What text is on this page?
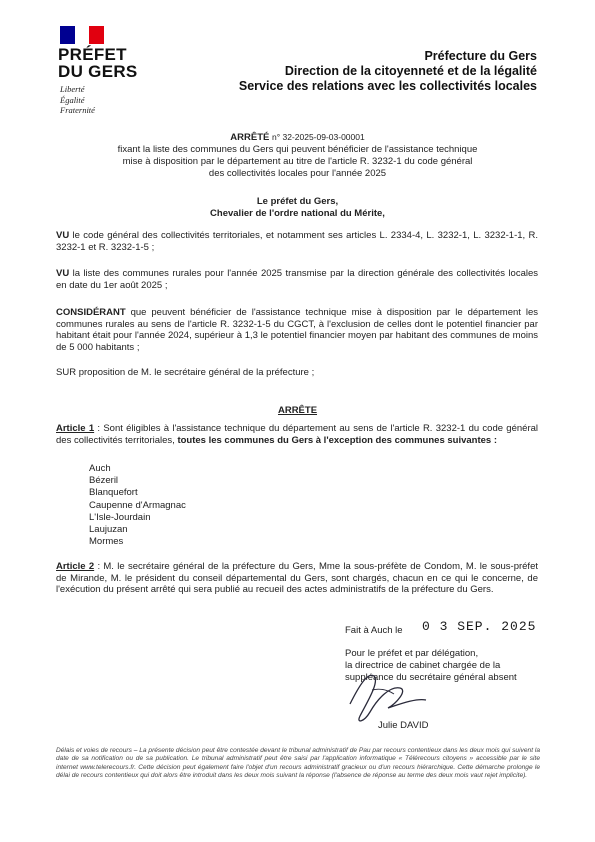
PRÉFET
DU GERS
Liberté
Égalité
Fraternité
Préfecture du Gers
Direction de la citoyenneté et de la légalité
Service des relations avec les collectivités locales
ARRÊTÉ n° 32-2025-09-03-00001
fixant la liste des communes du Gers qui peuvent bénéficier de l'assistance technique
mise à disposition par le département au titre de l'article R. 3232-1 du code général
des collectivités locales pour l'année 2025
Le préfet du Gers,
Chevalier de l'ordre national du Mérite,
VU le code général des collectivités territoriales, et notamment ses articles L. 2334-4, L. 3232-1, L. 3232-1-1, R. 3232-1 et R. 3232-1-5 ;
VU la liste des communes rurales pour l'année 2025 transmise par la direction générale des collectivités locales en date du 1er août 2025 ;
CONSIDÉRANT que peuvent bénéficier de l'assistance technique mise à disposition par le département les communes rurales au sens de l'article R. 3232-1-5 du CGCT, à l'exclusion de celles dont le potentiel financier par habitant était pour l'année 2024, supérieur à 1,3 le potentiel financier moyen par habitant des communes de moins de 5 000 habitants ;
SUR proposition de M. le secrétaire général de la préfecture ;
ARRÊTE
Article 1 : Sont éligibles à l'assistance technique du département au sens de l'article R. 3232-1 du code général des collectivités territoriales, toutes les communes du Gers à l'exception des communes suivantes :
Auch
Bézeril
Blanquefort
Caupenne d'Armagnac
L'Isle-Jourdain
Laujuzan
Mormes
Article 2 : M. le secrétaire général de la préfecture du Gers, Mme la sous-préfète de Condom, M. le sous-préfet de Mirande, M. le président du conseil départemental du Gers, sont chargés, chacun en ce qui le concerne, de l'exécution du présent arrêté qui sera publié au recueil des actes administratifs de la préfecture du Gers.
Fait à Auch le 0 3 SEP. 2025
Pour le préfet et par délégation,
la directrice de cabinet chargée de la
suppléance du secrétaire général absent
Julie DAVID
Délais et voies de recours – La présente décision peut être contestée devant le tribunal administratif de Pau par recours contentieux dans les deux mois qui suivent la date de sa notification ou de sa publication. Le tribunal administratif peut être saisi par l'application informatique « Télérecours citoyens » accessible par le site internet www.telerecours.fr. Cette décision peut également faire l'objet d'un recours administratif gracieux ou d'un recours hiérarchique. Cette démarche prolonge le délai de recours contentieux qui doit alors être introduit dans les deux mois suivant la réponse (l'absence de réponse au terme des deux mois vaut rejet implicite).
